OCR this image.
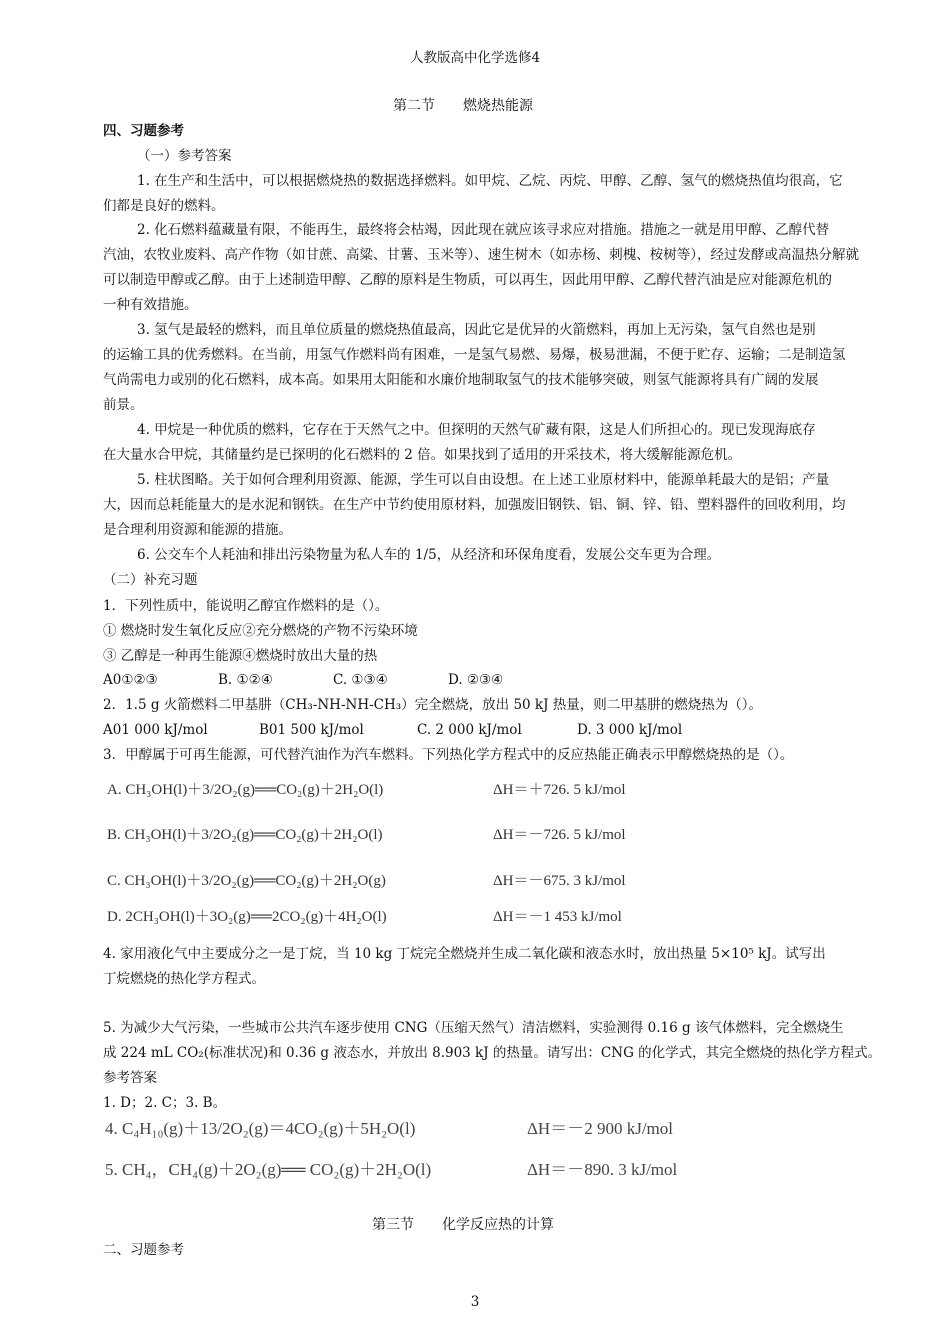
人教版高中化学选修4
第二节　　燃烧热能源
四、习题参考
（一）参考答案
1. 在生产和生活中，可以根据燃烧热的数据选择燃料。如甲烷、乙烷、丙烷、甲醇、乙醇、氢气的燃烧热值均很高，它
们都是良好的燃料。
2. 化石燃料蕴藏量有限，不能再生，最终将会枯竭，因此现在就应该寻求应对措施。措施之一就是用甲醇、乙醇代替
汽油，农牧业废料、高产作物（如甘蔗、高粱、甘薯、玉米等）、速生树木（如赤杨、刺槐、桉树等），经过发酵或高温热分解就
可以制造甲醇或乙醇。由于上述制造甲醇、乙醇的原料是生物质，可以再生，因此用甲醇、乙醇代替汽油是应对能源危机的
一种有效措施。
3. 氢气是最轻的燃料，而且单位质量的燃烧热值最高，因此它是优异的火箭燃料，再加上无污染，氢气自然也是别
的运输工具的优秀燃料。在当前，用氢气作燃料尚有困难，一是氢气易燃、易爆，极易泄漏，不便于贮存、运输；二是制造氢
气尚需电力或别的化石燃料，成本高。如果用太阳能和水廉价地制取氢气的技术能够突破，则氢气能源将具有广阔的发展
前景。
4. 甲烷是一种优质的燃料，它存在于天然气之中。但探明的天然气矿藏有限，这是人们所担心的。现已发现海底存
在大量水合甲烷，其储量约是已探明的化石燃料的 2 倍。如果找到了适用的开采技术，将大缓解能源危机。
5. 柱状图略。关于如何合理利用资源、能源，学生可以自由设想。在上述工业原材料中，能源单耗最大的是铝；产量
大，因而总耗能量大的是水泥和钢铁。在生产中节约使用原材料，加强废旧钢铁、铝、铜、锌、铅、塑料器件的回收利用，均
是合理利用资源和能源的措施。
6. 公交车个人耗油和排出污染物量为私人车的 1/5，从经济和环保角度看，发展公交车更为合理。
（二）补充习题
1．下列性质中，能说明乙醇宜作燃料的是（）。
① 燃烧时发生氧化反应②充分燃烧的产物不污染环境
③ 乙醇是一种再生能源④燃烧时放出大量的热
A0①②③	B. ①②④	C. ①③④	D. ②③④
2．1.5 g 火箭燃料二甲基肼（CH₃-NH-NH-CH₃）完全燃烧，放出 50 kJ 热量，则二甲基肼的燃烧热为（）。
A01 000 kJ/mol	B01 500 kJ/mol	C. 2 000 kJ/mol	D. 3 000 kJ/mol
3．甲醇属于可再生能源，可代替汽油作为汽车燃料。下列热化学方程式中的反应热能正确表示甲醇燃烧热的是（）。
A. CH₃OH(l)＋3/2O₂(g)══CO₂(g)＋2H₂O(l)	ΔH＝＋726. 5 kJ/mol
B. CH₃OH(l)＋3/2O₂(g)══CO₂(g)＋2H₂O(l)	ΔH＝－726. 5 kJ/mol
C. CH₃OH(l)＋3/2O₂(g)══CO₂(g)＋2H₂O(g)	ΔH＝－675. 3 kJ/mol
D. 2CH₃OH(l)＋3O₂(g)══2CO₂(g)＋4H₂O(l)	ΔH＝－1 453 kJ/mol
4. 家用液化气中主要成分之一是丁烷，当 10 kg 丁烷完全燃烧并生成二氧化碳和液态水时，放出热量 5×10⁵ kJ。试写出
丁烷燃烧的热化学方程式。
5. 为减少大气污染，一些城市公共汽车逐步使用 CNG（压缩天然气）清洁燃料，实验测得 0.16 g 该气体燃料，完全燃烧生
成 224 mL CO₂(标准状况)和 0.36 g 液态水，并放出 8.903 kJ 的热量。请写出：CNG 的化学式，其完全燃烧的热化学方程式。
参考答案
1. D；2. C；3. B。
4. C₄H₁₀(g)＋13/2O₂(g)＝4CO₂(g)＋5H₂O(l)	ΔH＝－2 900 kJ/mol
5. CH₄，CH₄(g)＋2O₂(g)══ CO₂(g)＋2H₂O(l)	ΔH＝－890. 3 kJ/mol
第三节　　化学反应热的计算
二、习题参考
3
